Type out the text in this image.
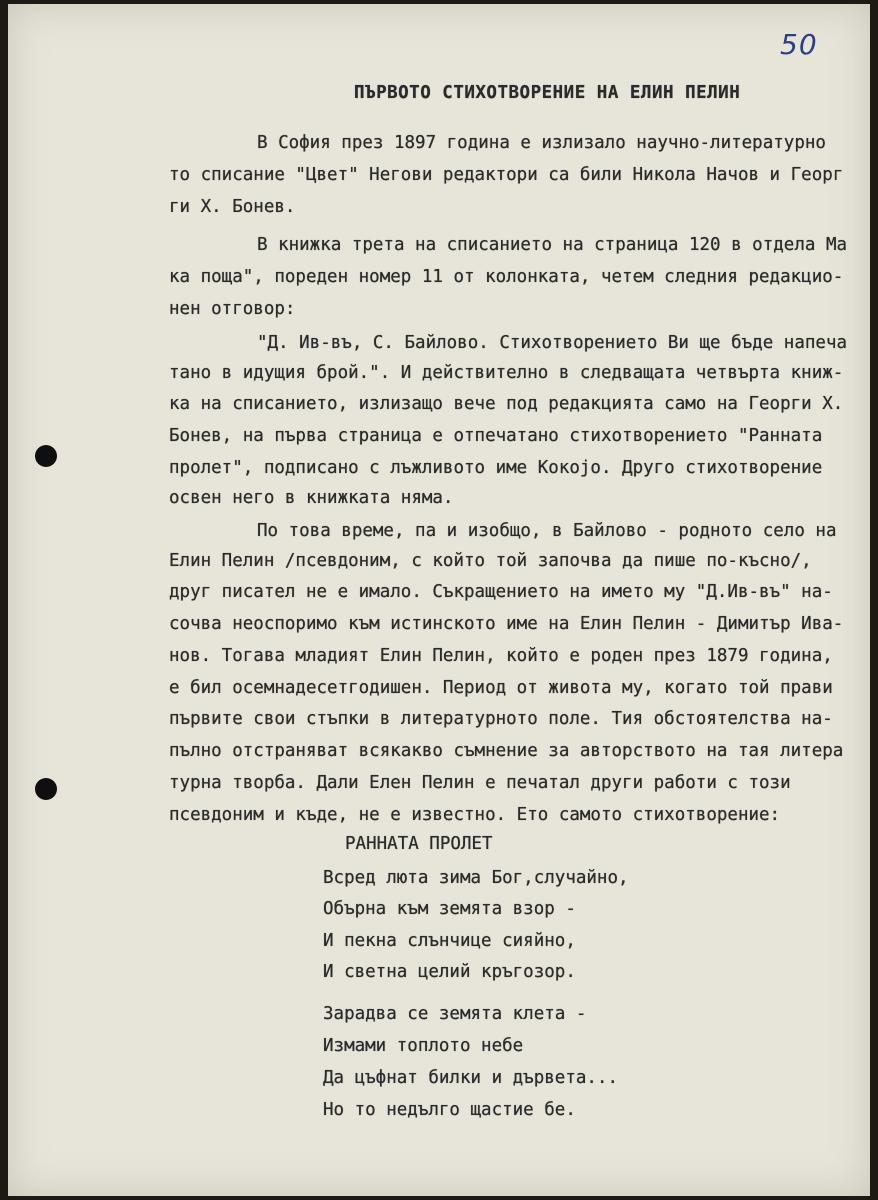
50
ПЪРВОТО СТИХОТВОРЕНИЕ НА ЕЛИН ПЕЛИН
В София през 1897 година е излизало научно-литературно
то списание "Цвет" Негови редактори са били Никола Начов и Георг
ги Х. Бонев.
В книжка трета на списанието на страница 120 в отдела Ма
ка поща", пореден номер 11 от колонката, четем следния редакцио-
нен отговор:
"Д. Ив-въ, С. Байлово. Стихотворението Ви ще бъде напеча
тано в идущия брой.". И действително в следващата четвърта книж-
ка на списанието, излизащо вече под редакцията само на Георги Х.
Бонев, на първа страница е отпечатано стихотворението "Ранната
пролет", подписано с лъжливото име Кокоjo. Друго стихотворение
освен него в книжката няма.
По това време, па и изобщо, в Байлово - родното село на
Елин Пелин /псевдоним, с който той започва да пише по-късно/,
друг писател не е имало. Съкращението на името му "Д.Ив-въ" на-
сочва неоспоримо към истинското име на Елин Пелин - Димитър Ива-
нов. Тогава младият Елин Пелин, който е роден през 1879 година,
е бил осемнадесетгодишен. Период от живота му, когато той прави
първите свои стъпки в литературното поле. Тия обстоятелства на-
пълно отстраняват всякакво съмнение за авторството на тая литера
турна творба. Дали Елен Пелин е печатал други работи с този
псевдоним и къде, не е известно. Ето самото стихотворение:
РАННАТА ПРОЛЕТ
Всред люта зима Бог,случайно,
Обърна към земята взор -
И пекна слънчице сияйно,
И светна целий кръгозор.
Зарадва се земята клета -
Измами топлото небе
Да цъфнат билки и дървета...
Но то недълго щастие бе.
